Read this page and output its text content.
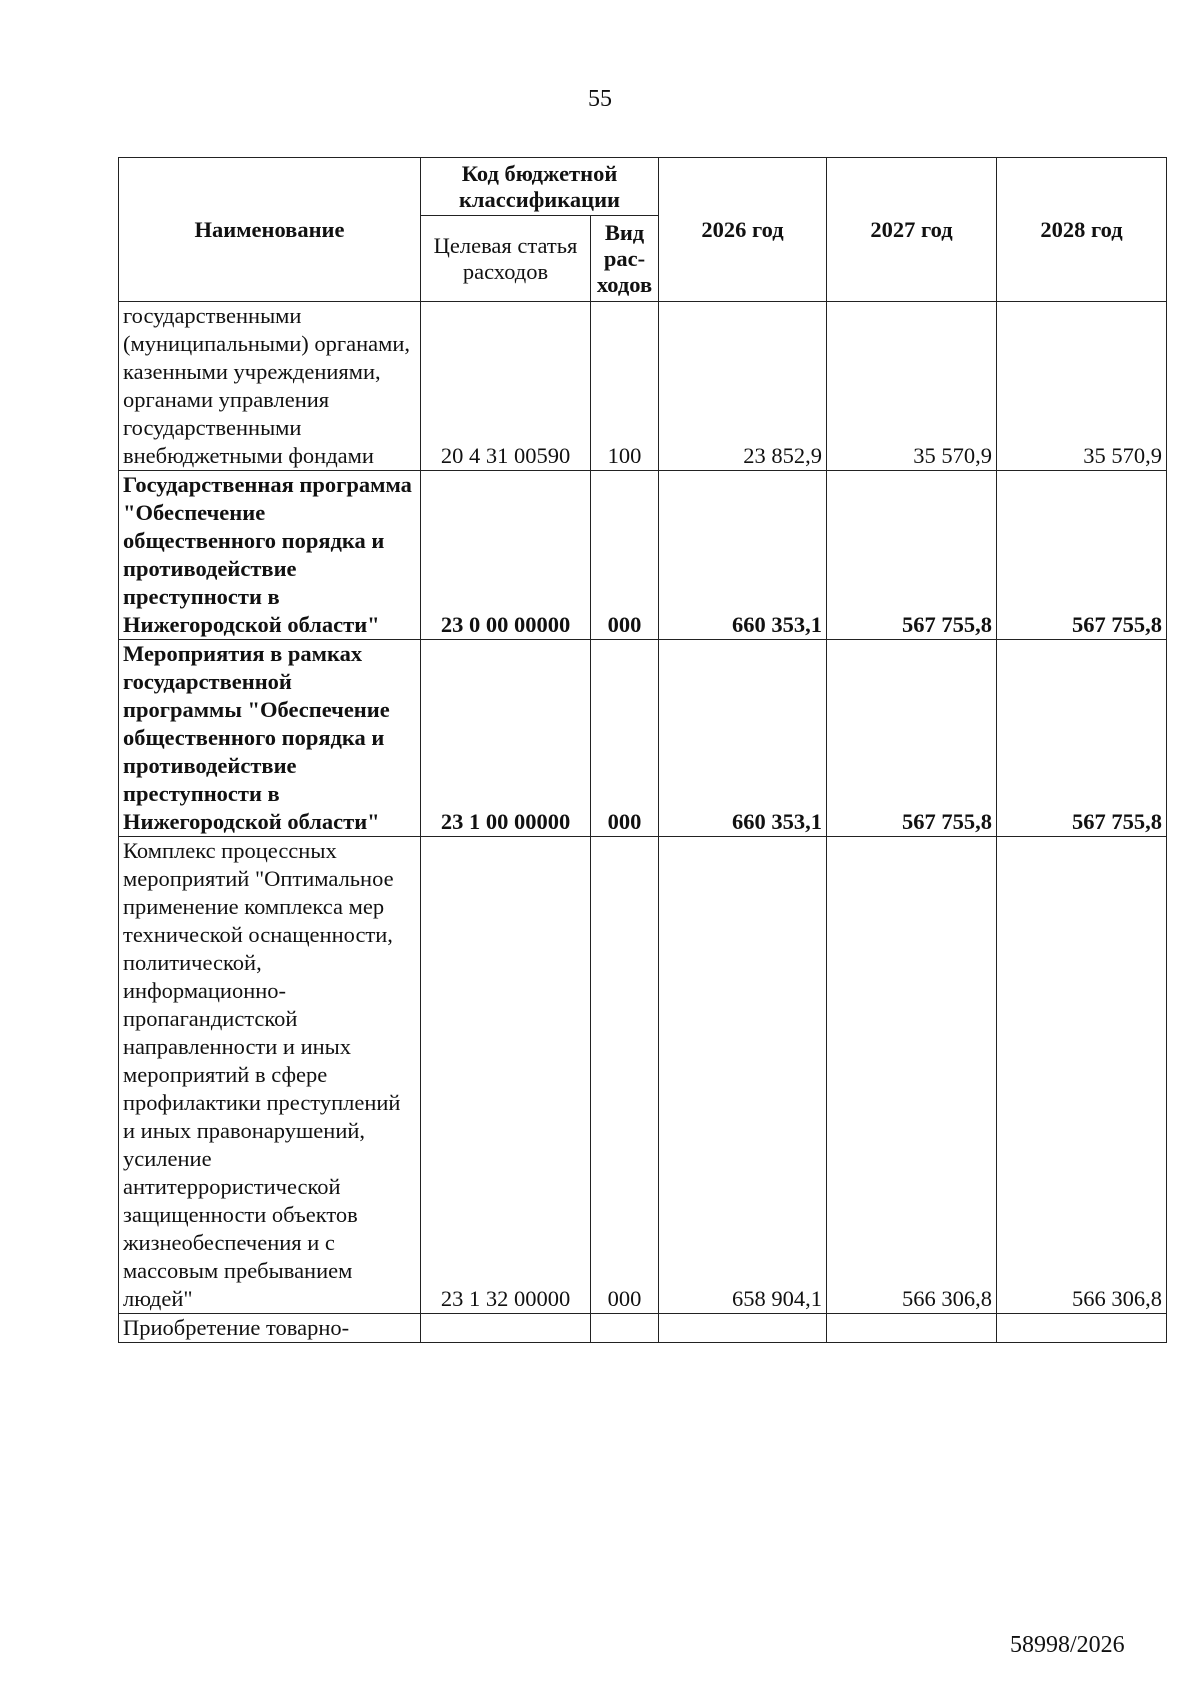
55
Наименование	Код бюджетной классификации		2026 год	2027 год	2028 год
	Целевая статья расходов	Вид рас-ходов			
государственными (муниципальными) органами, казенными учреждениями, органами управления государственными внебюджетными фондами	20 4 31 00590	100	23 852,9	35 570,9	35 570,9
Государственная программа "Обеспечение общественного порядка и противодействие преступности в Нижегородской области"	23 0 00 00000	000	660 353,1	567 755,8	567 755,8
Мероприятия в рамках государственной программы "Обеспечение общественного порядка и противодействие преступности в Нижегородской области"	23 1 00 00000	000	660 353,1	567 755,8	567 755,8
Комплекс процессных мероприятий "Оптимальное применение комплекса мер технической оснащенности, политической, информационно-пропагандистской направленности и иных мероприятий в сфере профилактики преступлений и иных правонарушений, усиление антитеррористической защищенности объектов жизнеобеспечения и с массовым пребыванием людей"	23 1 32 00000	000	658 904,1	566 306,8	566 306,8
Приобретение товарно-					
58998/2026
